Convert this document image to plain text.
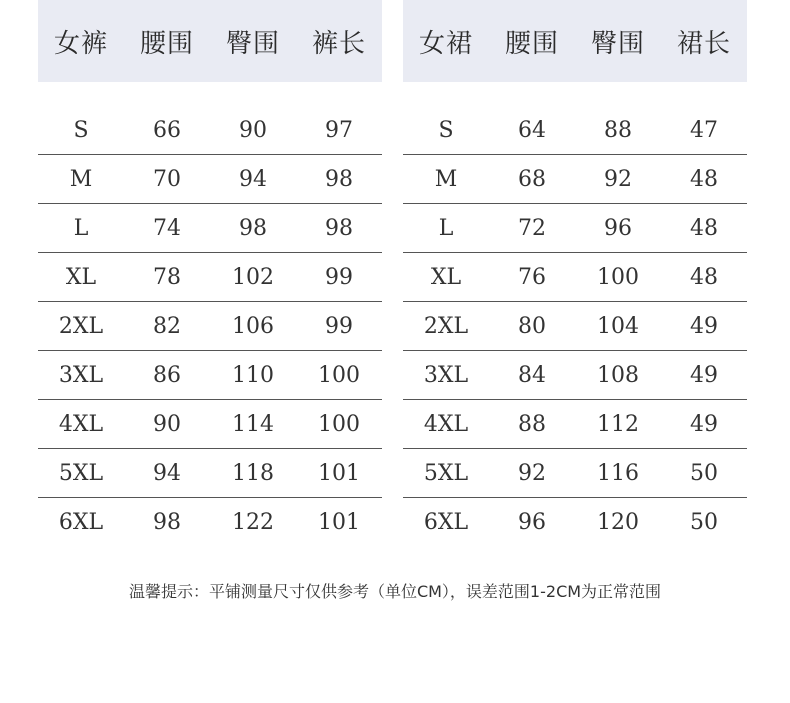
女裤	腰围	臀围	裤长
S	66	90	97
M	70	94	98
L	74	98	98
XL	78	102	99
2XL	82	106	99
3XL	86	110	100
4XL	90	114	100
5XL	94	118	101
6XL	98	122	101
女裙	腰围	臀围	裙长
S	64	88	47
M	68	92	48
L	72	96	48
XL	76	100	48
2XL	80	104	49
3XL	84	108	49
4XL	88	112	49
5XL	92	116	50
6XL	96	120	50
温馨提示：平铺测量尺寸仅供参考（单位CM），误差范围1-2CM为正常范围
